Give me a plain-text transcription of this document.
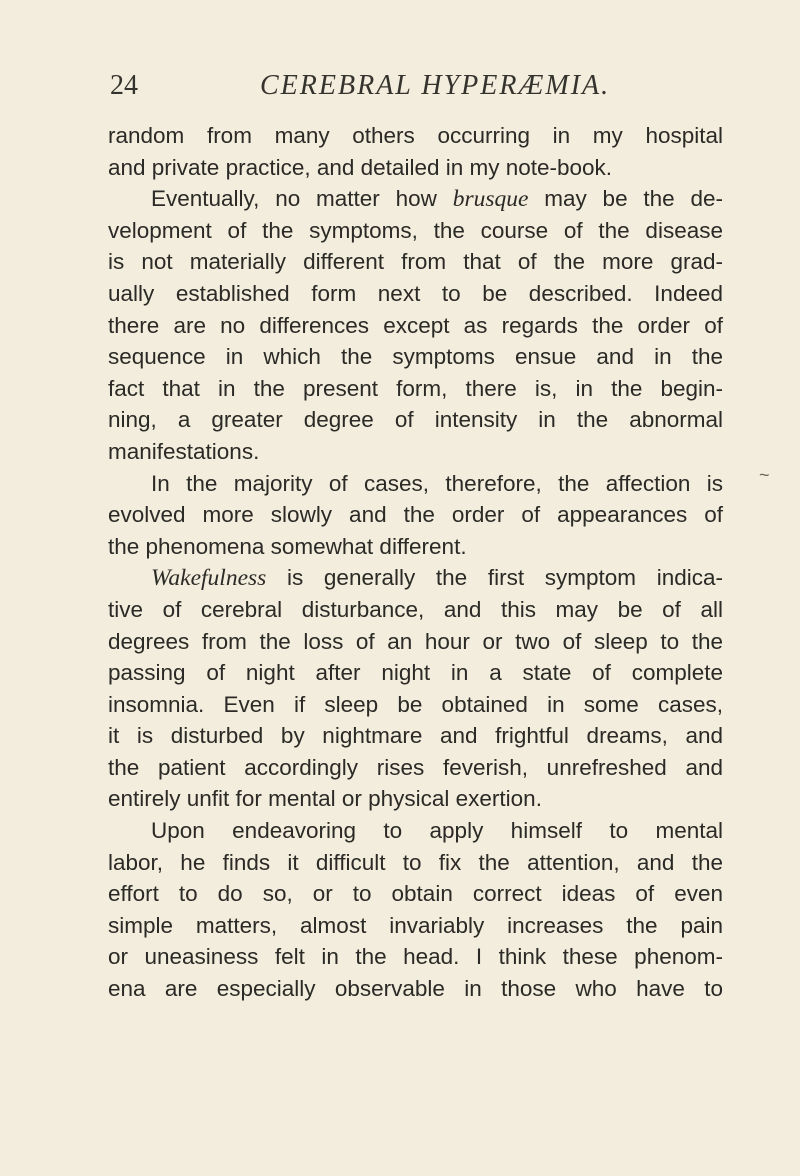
24	CEREBRAL HYPERÆMIA.
~
random from many others occurring in my hospital
and private practice, and detailed in my note-book.
Eventually, no matter how brusque may be the de-
velopment of the symptoms, the course of the disease
is not materially different from that of the more grad-
ually established form next to be described. Indeed
there are no differences except as regards the order of
sequence in which the symptoms ensue and in the
fact that in the present form, there is, in the begin-
ning, a greater degree of intensity in the abnormal
manifestations.
In the majority of cases, therefore, the affection is
evolved more slowly and the order of appearances of
the phenomena somewhat different.
Wakefulness is generally the first symptom indica-
tive of cerebral disturbance, and this may be of all
degrees from the loss of an hour or two of sleep to the
passing of night after night in a state of complete
insomnia. Even if sleep be obtained in some cases,
it is disturbed by nightmare and frightful dreams, and
the patient accordingly rises feverish, unrefreshed and
entirely unfit for mental or physical exertion.
Upon endeavoring to apply himself to mental
labor, he finds it difficult to fix the attention, and the
effort to do so, or to obtain correct ideas of even
simple matters, almost invariably increases the pain
or uneasiness felt in the head. I think these phenom-
ena are especially observable in those who have to
